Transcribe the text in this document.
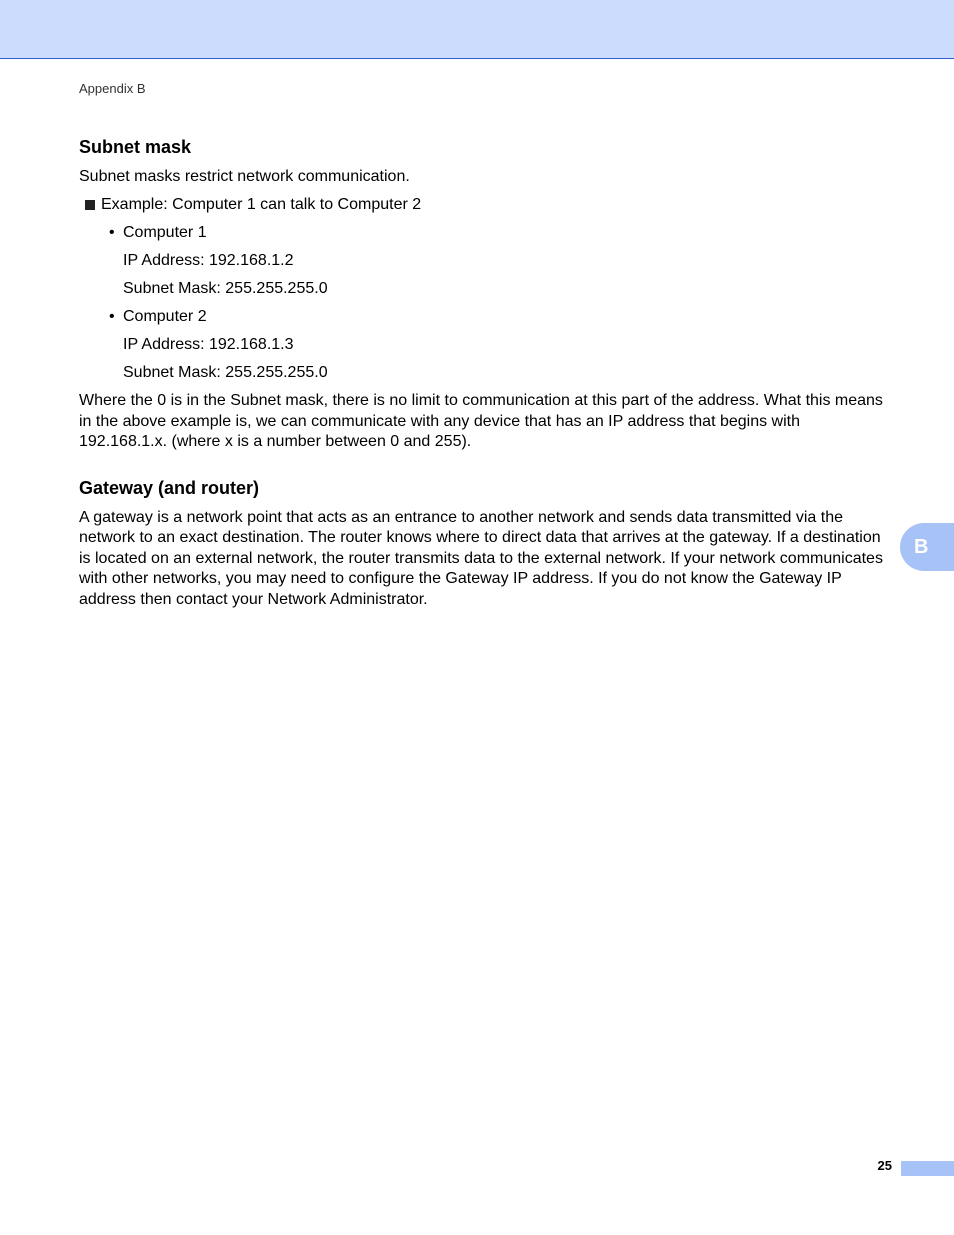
Appendix B
Subnet mask

Subnet masks restrict network communication.

Example: Computer 1 can talk to Computer 2
• Computer 1

IP Address: 192.168.1.2

Subnet Mask: 255.255.255.0

• Computer 2

IP Address: 192.168.1.3

Subnet Mask: 255.255.255.0

Where the 0 is in the Subnet mask, there is no limit to communication at this part of the address. What this means in the above example is, we can communicate with any device that has an IP address that begins with 192.168.1.x. (where x is a number between 0 and 255).

Gateway (and router)

A gateway is a network point that acts as an entrance to another network and sends data transmitted via the network to an exact destination. The router knows where to direct data that arrives at the gateway. If a destination is located on an external network, the router transmits data to the external network. If your network communicates with other networks, you may need to configure the Gateway IP address. If you do not know the Gateway IP address then contact your Network Administrator.

B
25
